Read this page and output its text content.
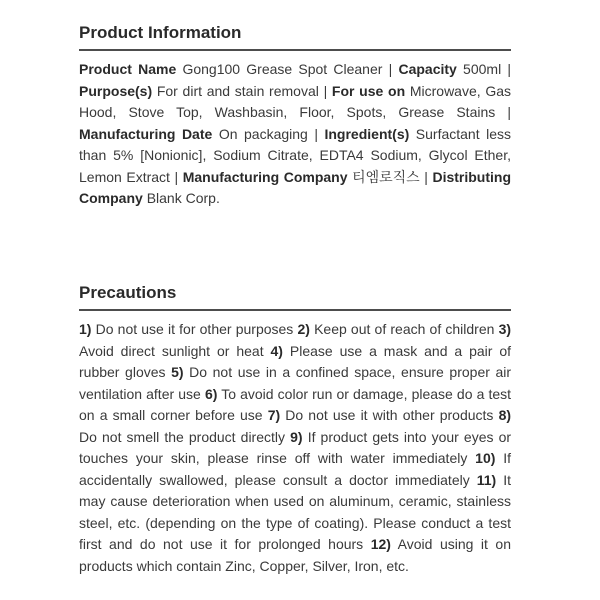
Product Information

Product Name Gong100 Grease Spot Cleaner | Capacity 500ml | Purpose(s) For dirt and stain removal | For use on Microwave, Gas Hood, Stove Top, Washbasin, Floor, Spots, Grease Stains | Manufacturing Date On packaging | Ingredient(s) Surfactant less than 5% [Nonionic], Sodium Citrate, EDTA4 Sodium, Glycol Ether, Lemon Extract | Manufacturing Company 티엠로직스 | Distributing Company Blank Corp.

Precautions

1) Do not use it for other purposes 2) Keep out of reach of children 3) Avoid direct sunlight or heat 4) Please use a mask and a pair of rubber gloves 5) Do not use in a confined space, ensure proper air ventilation after use 6) To avoid color run or damage, please do a test on a small corner before use 7) Do not use it with other products 8) Do not smell the product directly 9) If product gets into your eyes or touches your skin, please rinse off with water immediately 10) If accidentally swallowed, please consult a doctor immediately 11) It may cause deterioration when used on aluminum, ceramic, stainless steel, etc. (depending on the type of coating). Please conduct a test first and do not use it for prolonged hours 12) Avoid using it on products which contain Zinc, Copper, Silver, Iron, etc.
